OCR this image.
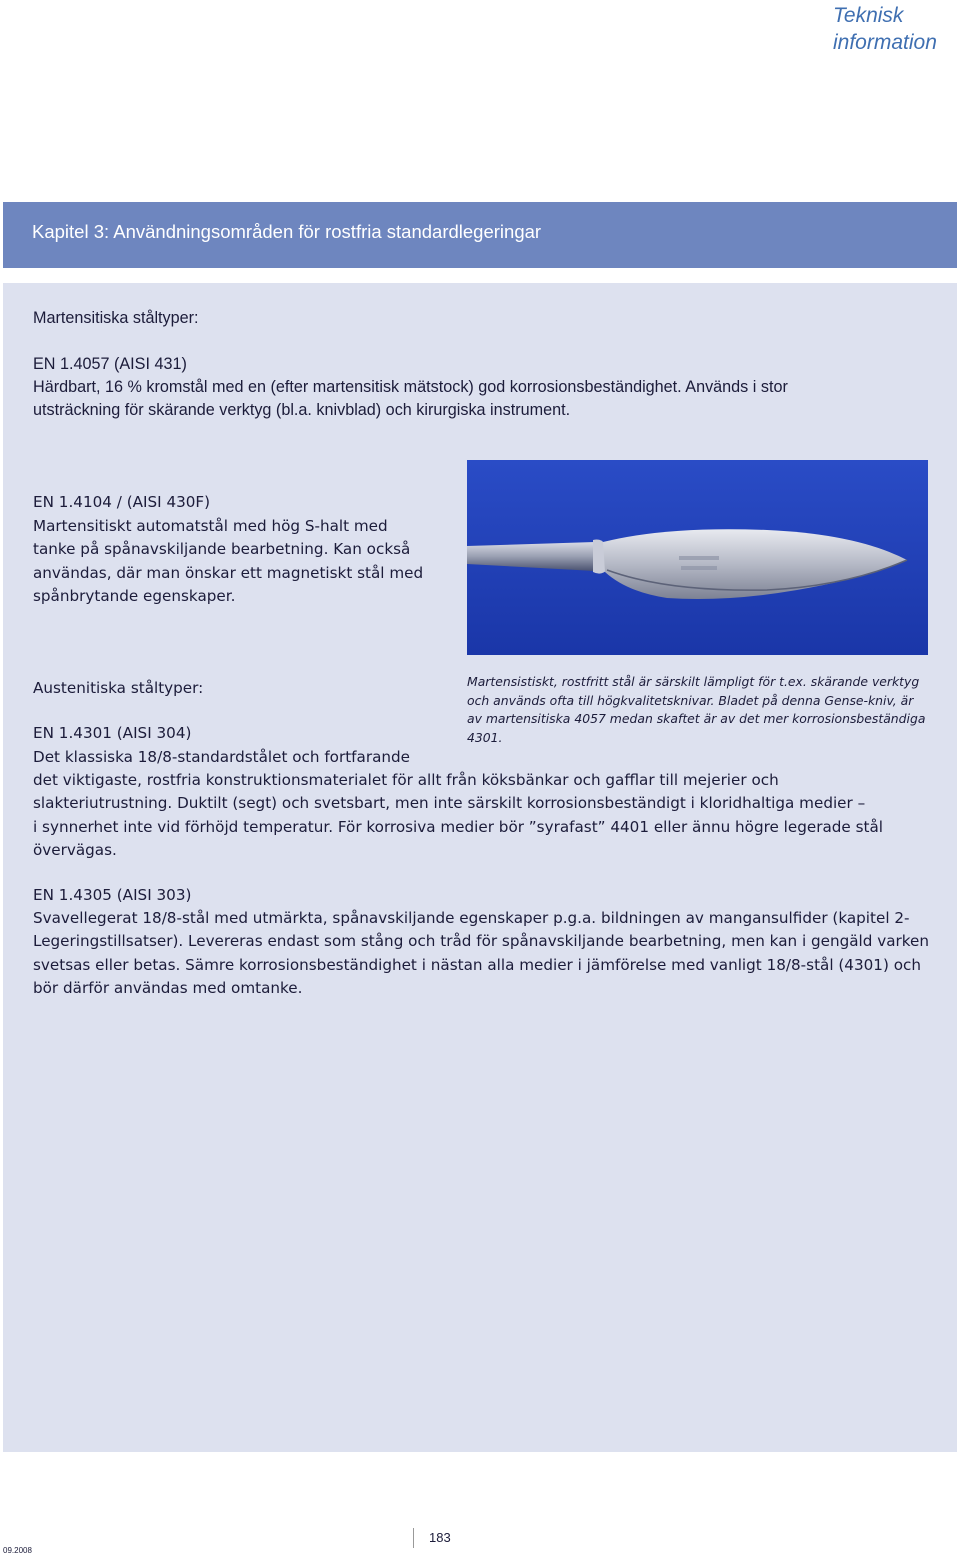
Teknisk
information
Kapitel 3: Användningsområden för rostfria standardlegeringar
Martensitiska ståltyper:
EN 1.4057 (AISI 431)
Härdbart, 16 % kromstål med en (efter martensitisk mätstock) god korrosionsbeständighet. Används i stor
utsträckning för skärande verktyg (bl.a. knivblad) och kirurgiska instrument.
EN 1.4104 / (AISI 430F)
Martensitiskt automatstål med hög S-halt med
tanke på spånavskiljande bearbetning. Kan också
användas, där man önskar ett magnetiskt stål med
spånbrytande egenskaper.
Austenitiska ståltyper:	Martensistiskt, rostfritt stål är särskilt lämpligt för t.ex. skärande verktyg
och används ofta till högkvalitetsknivar. Bladet på denna Gense-kniv, är
av martensitiska 4057 medan skaftet är av det mer korrosionsbeständiga
4301.
EN 1.4301 (AISI 304)
Det klassiska 18/8-standardstålet och fortfarande
det viktigaste, rostfria konstruktionsmaterialet för allt från köksbänkar och gafflar till mejerier och
slakteriutrustning. Duktilt (segt) och svetsbart, men inte särskilt korrosionsbeständigt i kloridhaltiga medier –
i synnerhet inte vid förhöjd temperatur. För korrosiva medier bör ”syrafast” 4401 eller ännu högre legerade stål
övervägas.
EN 1.4305 (AISI 303)
Svavellegerat 18/8-stål med utmärkta, spånavskiljande egenskaper p.g.a. bildningen av mangansulfider (kapitel 2-
Legeringstillsatser). Levereras endast som stång och tråd för spånavskiljande bearbetning, men kan i gengäld varken
svetsas eller betas. Sämre korrosionsbeständighet i nästan alla medier i jämförelse med vanligt 18/8-stål (4301) och
bör därför användas med omtanke.
183
09.2008
